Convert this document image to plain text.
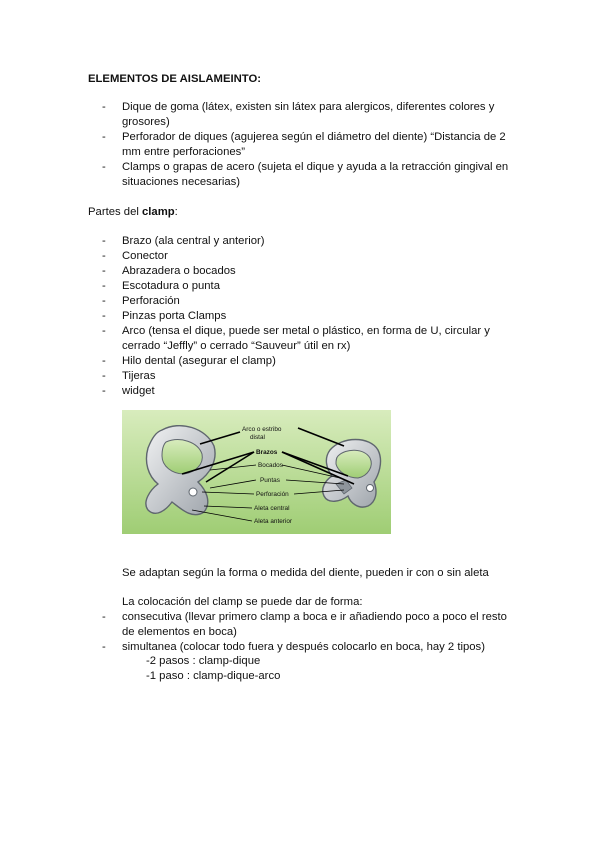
ELEMENTOS DE AISLAMEINTO:
- Dique de goma (látex, existen sin látex para alergicos, diferentes colores y grosores)
- Perforador de diques (agujerea según el diámetro del diente) “Distancia de 2 mm entre perforaciones”
- Clamps o grapas de acero (sujeta el dique y ayuda a la retracción gingival en situaciones necesarias)
Partes del clamp:
- Brazo (ala central y anterior)
- Conector
- Abrazadera o bocados
- Escotadura o punta
- Perforación
- Pinzas porta Clamps
- Arco (tensa el dique, puede ser metal o plástico, en forma de U, circular y cerrado “Jeffly” o cerrado “Sauveur” útil en rx)
- Hilo dental (asegurar el clamp)
- Tijeras
- widget
Arco o estribo distal
Brazos
Bocados
Puntas
Perforación
Aleta central
Aleta anterior
Se adaptan según la forma o medida del diente, pueden ir con o sin aleta
La colocación del clamp se puede dar de forma:
- consecutiva (llevar primero clamp a boca e ir añadiendo poco a poco el resto de elementos en boca)
- simultanea (colocar todo fuera y después colocarlo en boca, hay 2 tipos)
-2 pasos : clamp-dique
-1 paso : clamp-dique-arco
